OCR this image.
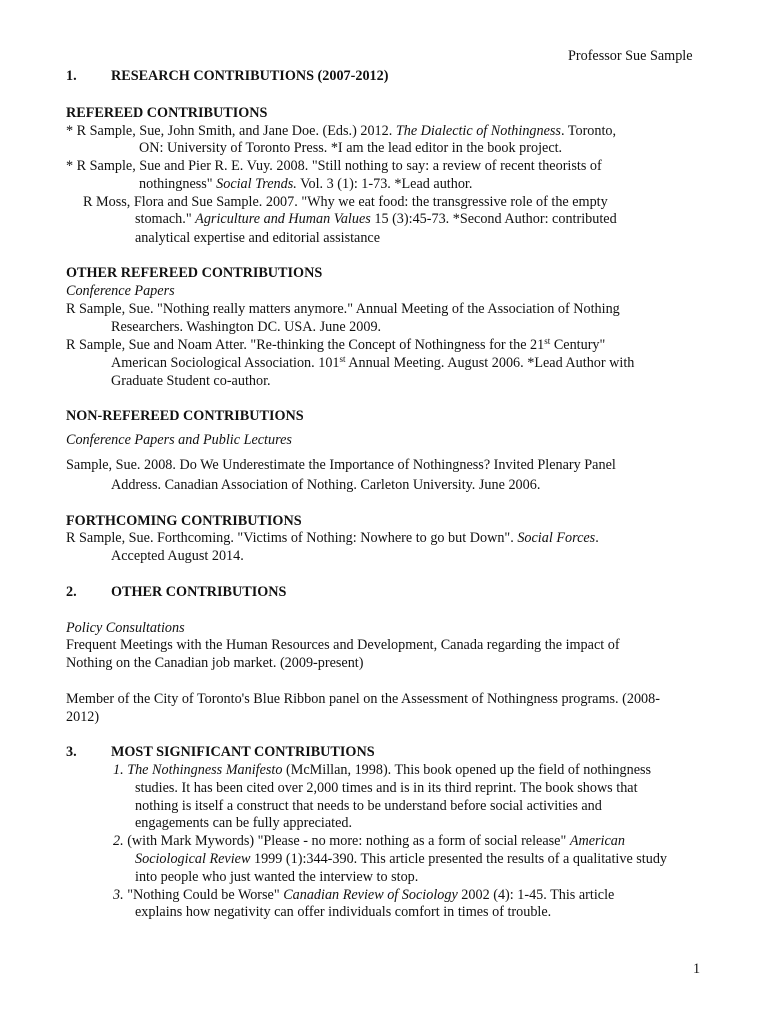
Professor Sue Sample
1. RESEARCH CONTRIBUTIONS (2007-2012)
REFEREED CONTRIBUTIONS
* R Sample, Sue, John Smith, and Jane Doe. (Eds.) 2012. The Dialectic of Nothingness. Toronto,
ON: University of Toronto Press. *I am the lead editor in the book project.
* R Sample, Sue and Pier R. E. Vuy. 2008. "Still nothing to say: a review of recent theorists of
nothingness" Social Trends. Vol. 3 (1): 1-73. *Lead author.
R Moss, Flora and Sue Sample. 2007. "Why we eat food: the transgressive role of the empty
stomach." Agriculture and Human Values 15 (3):45-73. *Second Author: contributed
analytical expertise and editorial assistance
OTHER REFEREED CONTRIBUTIONS
Conference Papers
R Sample, Sue. "Nothing really matters anymore." Annual Meeting of the Association of Nothing
Researchers. Washington DC. USA. June 2009.
R Sample, Sue and Noam Atter. "Re-thinking the Concept of Nothingness for the 21st Century"
American Sociological Association. 101st Annual Meeting. August 2006. *Lead Author with
Graduate Student co-author.
NON-REFEREED CONTRIBUTIONS
Conference Papers and Public Lectures
Sample, Sue. 2008. Do We Underestimate the Importance of Nothingness? Invited Plenary Panel
Address. Canadian Association of Nothing. Carleton University. June 2006.
FORTHCOMING CONTRIBUTIONS
R Sample, Sue. Forthcoming. "Victims of Nothing: Nowhere to go but Down". Social Forces.
Accepted August 2014.
2. OTHER CONTRIBUTIONS
Policy Consultations
Frequent Meetings with the Human Resources and Development, Canada regarding the impact of
Nothing on the Canadian job market. (2009-present)
Member of the City of Toronto's Blue Ribbon panel on the Assessment of Nothingness programs. (2008-
2012)
3. MOST SIGNIFICANT CONTRIBUTIONS
1. The Nothingness Manifesto (McMillan, 1998). This book opened up the field of nothingness
studies. It has been cited over 2,000 times and is in its third reprint. The book shows that
nothing is itself a construct that needs to be understand before social activities and
engagements can be fully appreciated.
2. (with Mark Mywords) "Please - no more: nothing as a form of social release" American
Sociological Review 1999 (1):344-390. This article presented the results of a qualitative study
into people who just wanted the interview to stop.
3. "Nothing Could be Worse" Canadian Review of Sociology 2002 (4): 1-45. This article
explains how negativity can offer individuals comfort in times of trouble.
1
